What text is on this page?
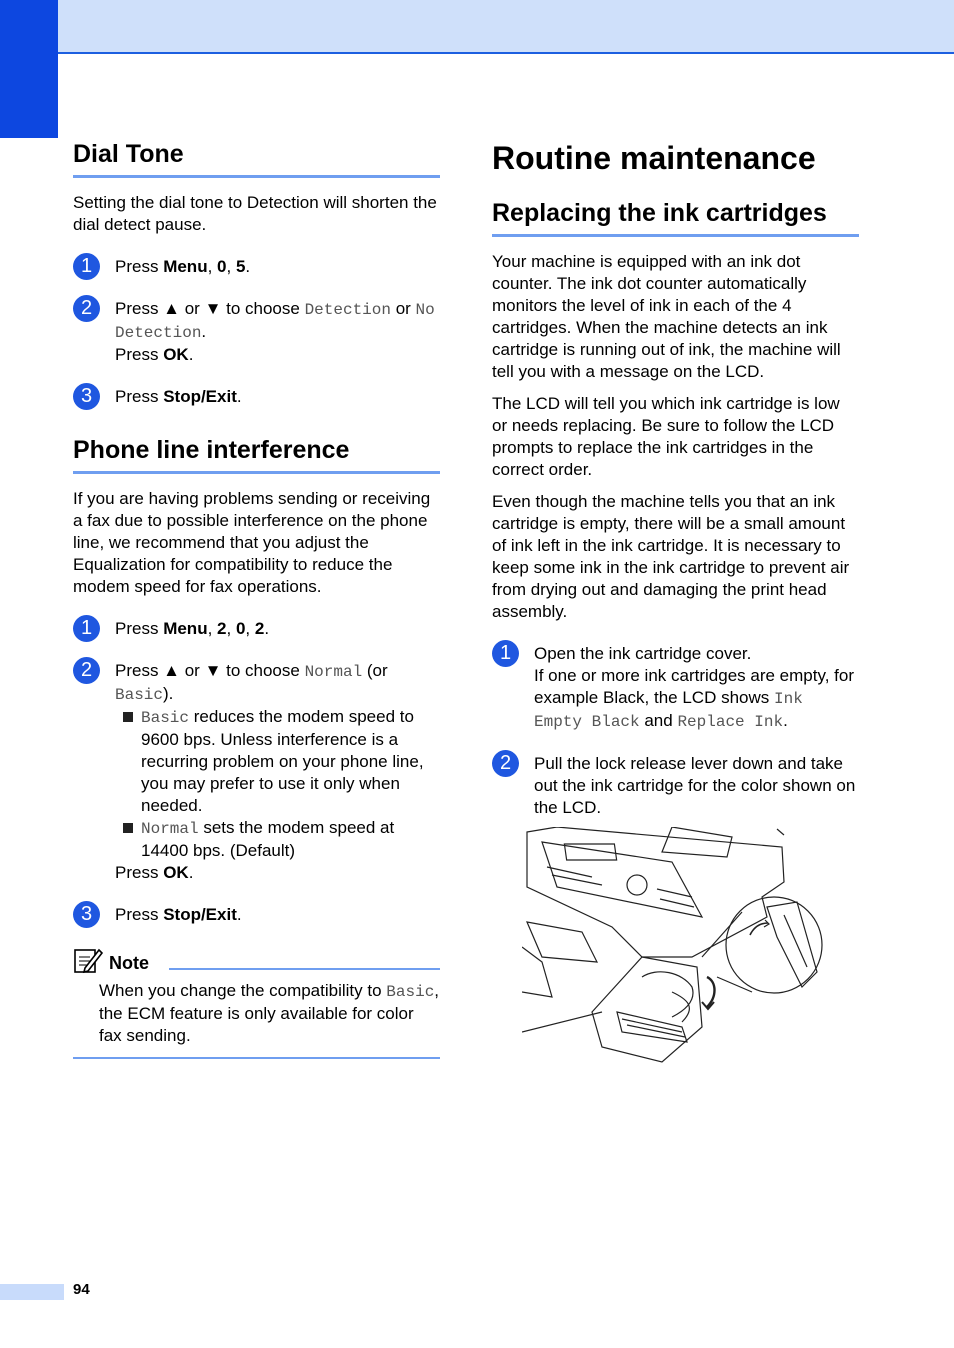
Dial Tone

Setting the dial tone to Detection will shorten the dial detect pause.

1	Press Menu, 0, 5.
2	Press ▲ or ▼ to choose Detection or No Detection.
Press OK.
3	Press Stop/Exit.
Phone line interference

If you are having problems sending or receiving a fax due to possible interference on the phone line, we recommend that you adjust the Equalization for compatibility to reduce the modem speed for fax operations.

1	Press Menu, 2, 0, 2.
2	Press ▲ or ▼ to choose Normal (or Basic).
Basic reduces the modem speed to 9600 bps. Unless interference is a recurring problem on your phone line, you may prefer to use it only when needed.
Normal sets the modem speed at 14400 bps. (Default)
Press OK.
3	Press Stop/Exit.
Note
When you change the compatibility to Basic, the ECM feature is only available for color fax sending.
Routine maintenance
Replacing the ink cartridges

Your machine is equipped with an ink dot counter. The ink dot counter automatically monitors the level of ink in each of the 4 cartridges. When the machine detects an ink cartridge is running out of ink, the machine will tell you with a message on the LCD.

The LCD will tell you which ink cartridge is low or needs replacing. Be sure to follow the LCD prompts to replace the ink cartridges in the correct order.

Even though the machine tells you that an ink cartridge is empty, there will be a small amount of ink left in the ink cartridge. It is necessary to keep some ink in the ink cartridge to prevent air from drying out and damaging the print head assembly.

1	Open the ink cartridge cover.
If one or more ink cartridges are empty, for example Black, the LCD shows Ink Empty Black and Replace Ink.
2	Pull the lock release lever down and take out the ink cartridge for the color shown on the LCD.
94
